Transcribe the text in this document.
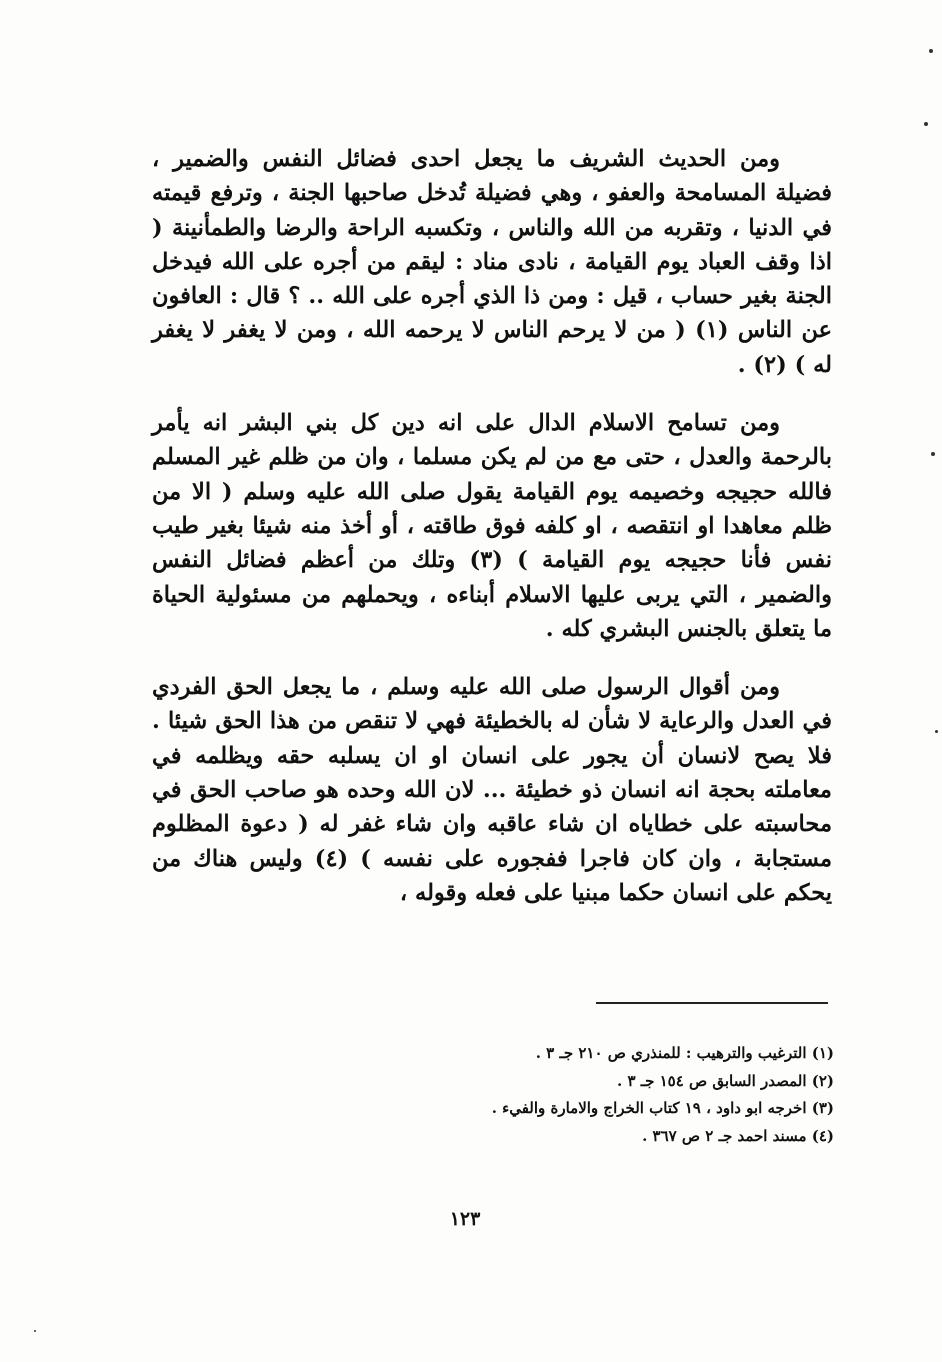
ومن الحديث الشريف ما يجعل احدى فضائل النفس والضمير ، فضيلة المسامحة والعفو ، وهي فضيلة تُدخل صاحبها الجنة ، وترفع قيمته في الدنيا ، وتقربه من الله والناس ، وتكسبه الراحة والرضا والطمأنينة ( اذا وقف العباد يوم القيامة ، نادى مناد : ليقم من أجره على الله فيدخل الجنة بغير حساب ، قيل : ومن ذا الذي أجره على الله .. ؟ قال : العافون عن الناس (١) ( من لا يرحم الناس لا يرحمه الله ، ومن لا يغفر لا يغفر له ) (٢) .

ومن تسامح الاسلام الدال على انه دين كل بني البشر انه يأمر بالرحمة والعدل ، حتى مع من لم يكن مسلما ، وان من ظلم غير المسلم فالله حجيجه وخصيمه يوم القيامة يقول صلى الله عليه وسلم ( الا من ظلم معاهدا او انتقصه ، او كلفه فوق طاقته ، أو أخذ منه شيئا بغير طيب نفس فأنا حجيجه يوم القيامة ) (٣) وتلك من أعظم فضائل النفس والضمير ، التي يربى عليها الاسلام أبناءه ، ويحملهم من مسئولية الحياة ما يتعلق بالجنس البشري كله .

ومن أقوال الرسول صلى الله عليه وسلم ، ما يجعل الحق الفردي في العدل والرعاية لا شأن له بالخطيئة فهي لا تنقص من هذا الحق شيئا . فلا يصح لانسان أن يجور على انسان او ان يسلبه حقه ويظلمه في معاملته بحجة انه انسان ذو خطيئة ... لان الله وحده هو صاحب الحق في محاسبته على خطاياه ان شاء عاقبه وان شاء غفر له ( دعوة المظلوم مستجابة ، وان كان فاجرا ففجوره على نفسه ) (٤) وليس هناك من يحكم على انسان حكما مبنيا على فعله وقوله ،

(١) الترغيب والترهيب : للمنذري ص ٢١٠ جـ ٣ .
(٢) المصدر السابق ص ١٥٤ جـ ٣ .
(٣) اخرجه ابو داود ، ١٩ كتاب الخراج والامارة والفيء .
(٤) مسند احمد جـ ٢ ص ٣٦٧ .
١٢٣
